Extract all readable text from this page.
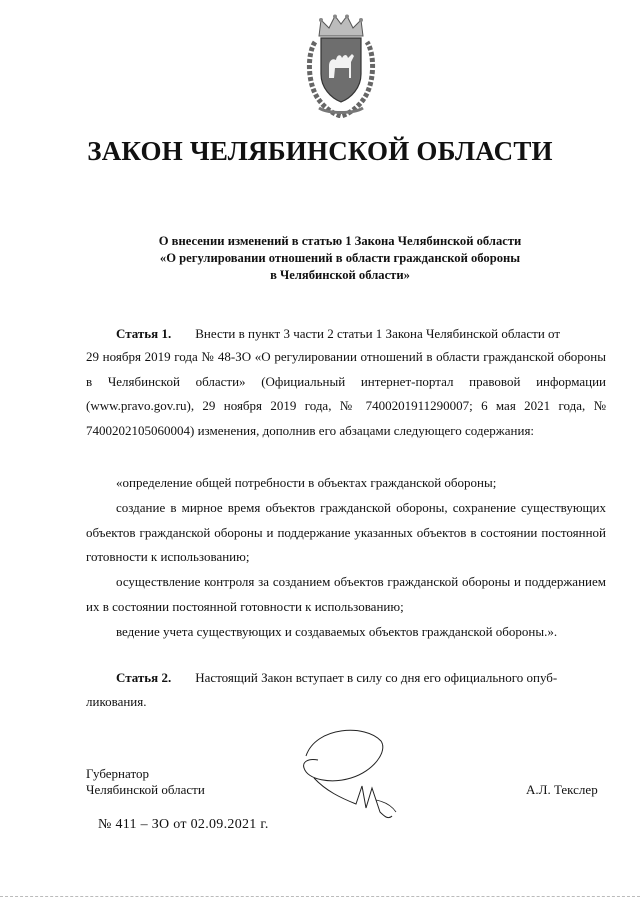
ЗАКОН ЧЕЛЯБИНСКОЙ ОБЛАСТИ
О внесении изменений в статью 1 Закона Челябинской области
«О регулировании отношений в области гражданской обороны
в Челябинской области»
Статья 1. Внести в пункт 3 части 2 статьи 1 Закона Челябинской области от
29 ноября 2019 года № 48-ЗО «О регулировании отношений в области гражданской обороны в Челябинской области» (Официальный интернет-портал правовой информации (www.pravo.gov.ru), 29 ноября 2019 года, № 7400201911290007; 6 мая 2021 года, № 7400202105060004) изменения, дополнив его абзацами следующего содержания:
«определение общей потребности в объектах гражданской обороны;
создание в мирное время объектов гражданской обороны, сохранение существующих объектов гражданской обороны и поддержание указанных объектов в состоянии постоянной готовности к использованию;
осуществление контроля за созданием объектов гражданской обороны и поддержанием их в состоянии постоянной готовности к использованию;
ведение учета существующих и создаваемых объектов гражданской обороны.».
Статья 2. Настоящий Закон вступает в силу со дня его официального опуб-
ликования.
Губернатор
Челябинской области	А.Л. Текслер
№ 411 – ЗО от 02.09.2021 г.
